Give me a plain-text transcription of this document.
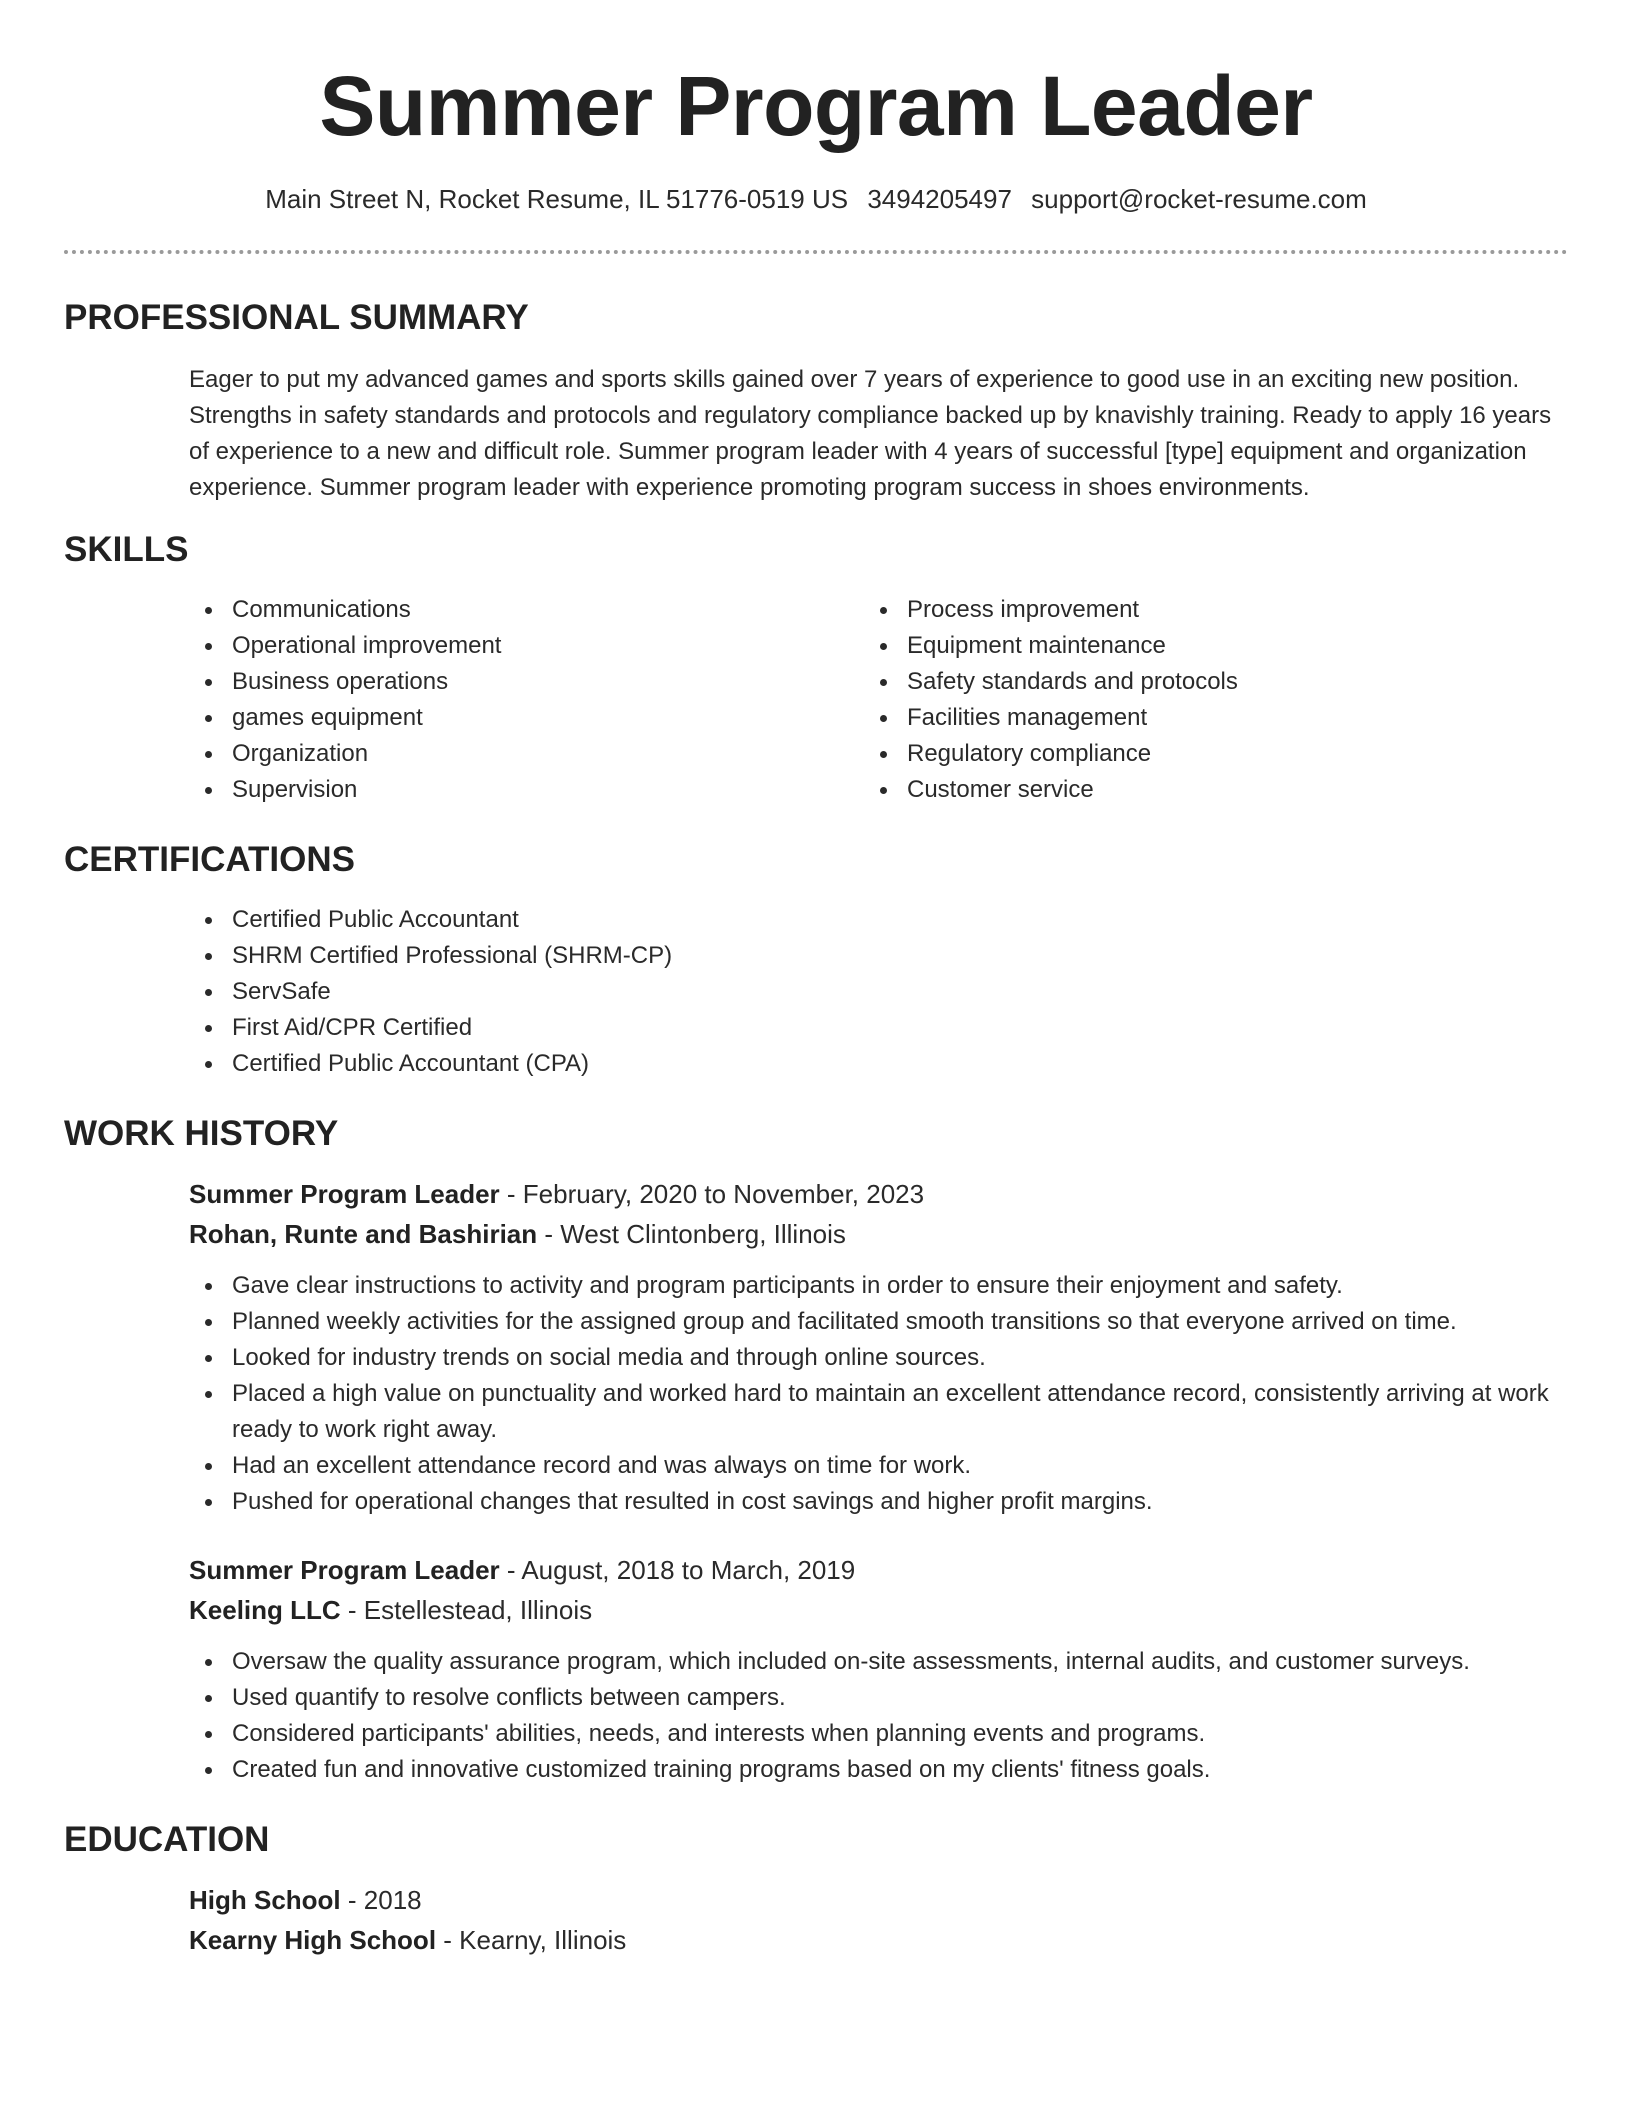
Summer Program Leader
Main Street N, Rocket Resume, IL 51776-0519 US 3494205497 support@rocket-resume.com
PROFESSIONAL SUMMARY

Eager to put my advanced games and sports skills gained over 7 years of experience to good use in an exciting new position. Strengths in safety standards and protocols and regulatory compliance backed up by knavishly training. Ready to apply 16 years of experience to a new and difficult role. Summer program leader with 4 years of successful [type] equipment and organization experience. Summer program leader with experience promoting program success in shoes environments.

SKILLS
Communications
Operational improvement
Business operations
games equipment
Organization
Supervision
Process improvement
Equipment maintenance
Safety standards and protocols
Facilities management
Regulatory compliance
Customer service
CERTIFICATIONS
Certified Public Accountant
SHRM Certified Professional (SHRM-CP)
ServSafe
First Aid/CPR Certified
Certified Public Accountant (CPA)
WORK HISTORY
Summer Program Leader - February, 2020 to November, 2023
Rohan, Runte and Bashirian - West Clintonberg, Illinois
Gave clear instructions to activity and program participants in order to ensure their enjoyment and safety.
Planned weekly activities for the assigned group and facilitated smooth transitions so that everyone arrived on time.
Looked for industry trends on social media and through online sources.
Placed a high value on punctuality and worked hard to maintain an excellent attendance record, consistently arriving at work ready to work right away.
Had an excellent attendance record and was always on time for work.
Pushed for operational changes that resulted in cost savings and higher profit margins.
Summer Program Leader - August, 2018 to March, 2019
Keeling LLC - Estellestead, Illinois
Oversaw the quality assurance program, which included on-site assessments, internal audits, and customer surveys.
Used quantify to resolve conflicts between campers.
Considered participants' abilities, needs, and interests when planning events and programs.
Created fun and innovative customized training programs based on my clients' fitness goals.
EDUCATION
High School - 2018
Kearny High School - Kearny, Illinois
